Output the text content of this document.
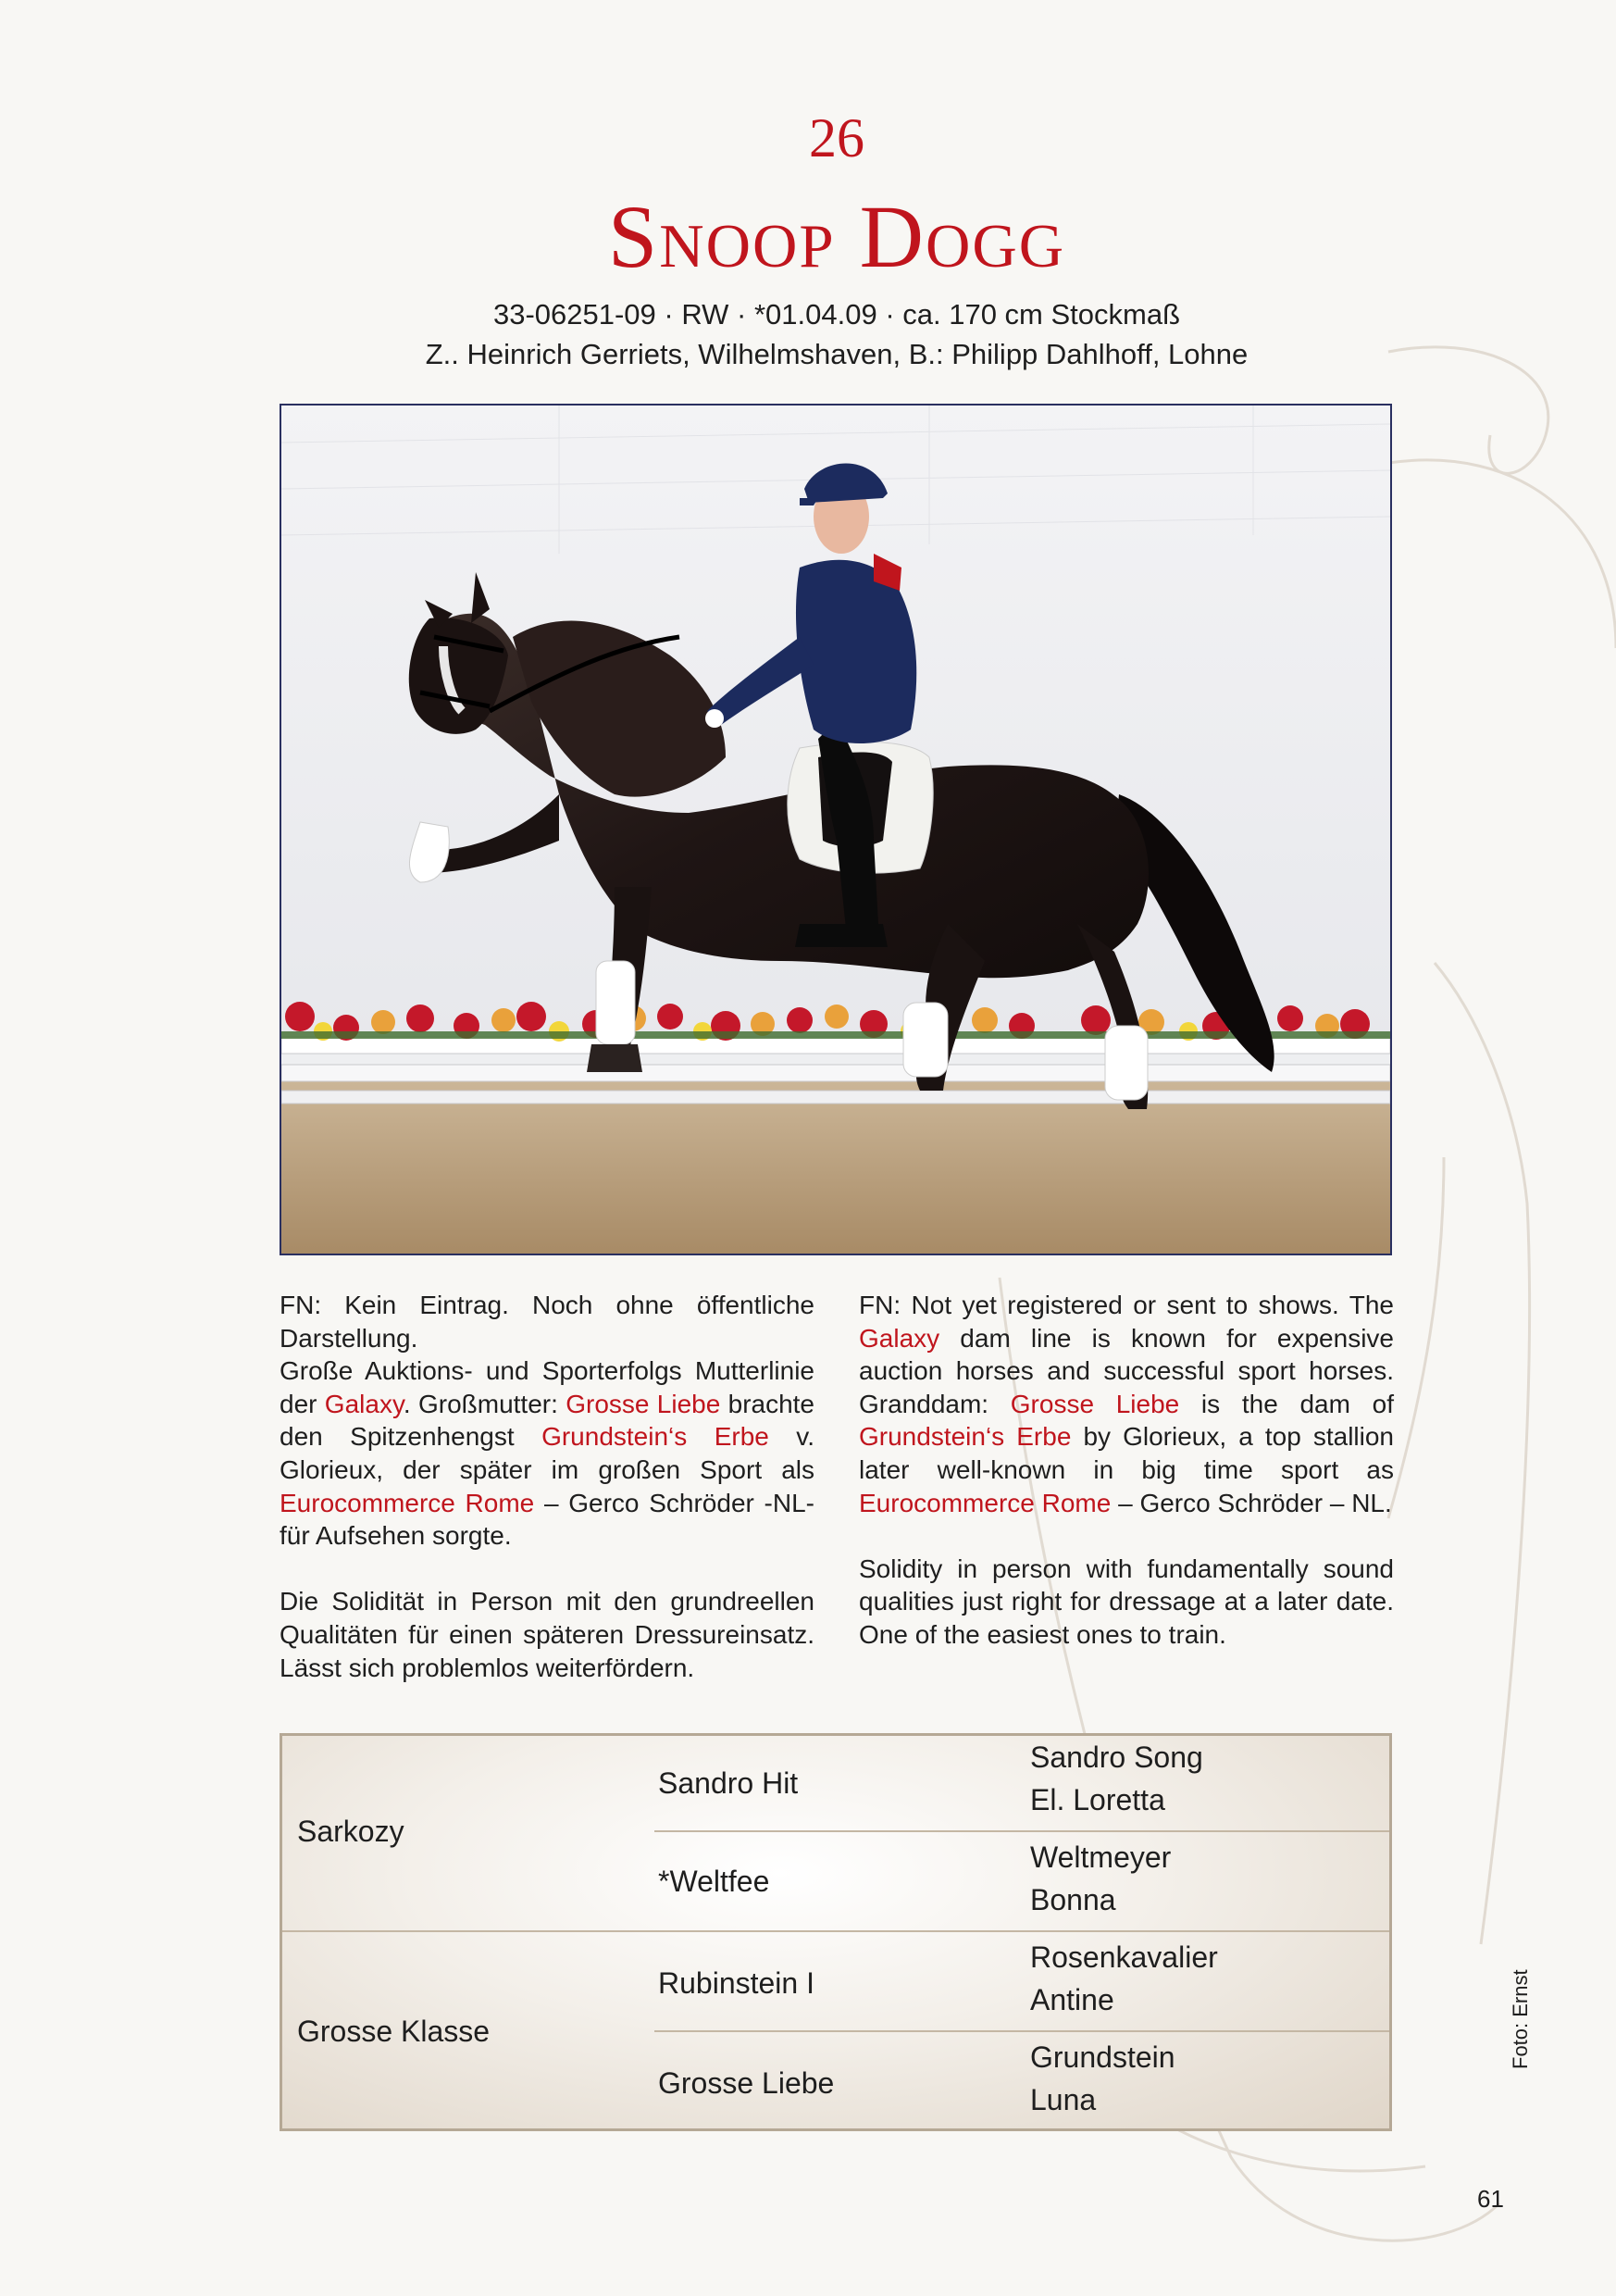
26
Snoop Dogg
33-06251-09 · RW · *01.04.09 · ca. 170 cm Stockmaß
Z.. Heinrich Gerriets, Wilhelmshaven, B.: Philipp Dahlhoff, Lohne

FN: Kein Eintrag. Noch ohne öffentliche Darstellung.
Große Auktions- und Sporterfolgs Mutterlinie der Galaxy. Großmutter: Grosse Liebe brachte den Spitzenhengst Grundstein‘s Erbe v. Glorieux, der später im großen Sport als Eurocommerce Rome – Gerco Schröder -NL- für Aufsehen sorgte.

Die Solidität in Person mit den grundreellen Qualitäten für einen späteren Dressureinsatz. Lässt sich problemlos weiterfördern.

FN: Not yet registered or sent to shows. The Galaxy dam line is known for expensive auction horses and successful sport horses. Granddam: Grosse Liebe is the dam of Grundstein‘s Erbe by Glorieux, a top stallion later well-known in big time sport as Eurocommerce Rome – Gerco Schröder – NL.

Solidity in person with fundamentally sound qualities just right for dressage at a later date. One of the easiest ones to train.

Sarkozy
Grosse Klasse
Sandro Hit
*Weltfee
Rubinstein I
Grosse Liebe
Sandro Song
El. Loretta
Weltmeyer
Bonna
Rosenkavalier
Antine
Grundstein
Luna
Foto: Ernst
61
